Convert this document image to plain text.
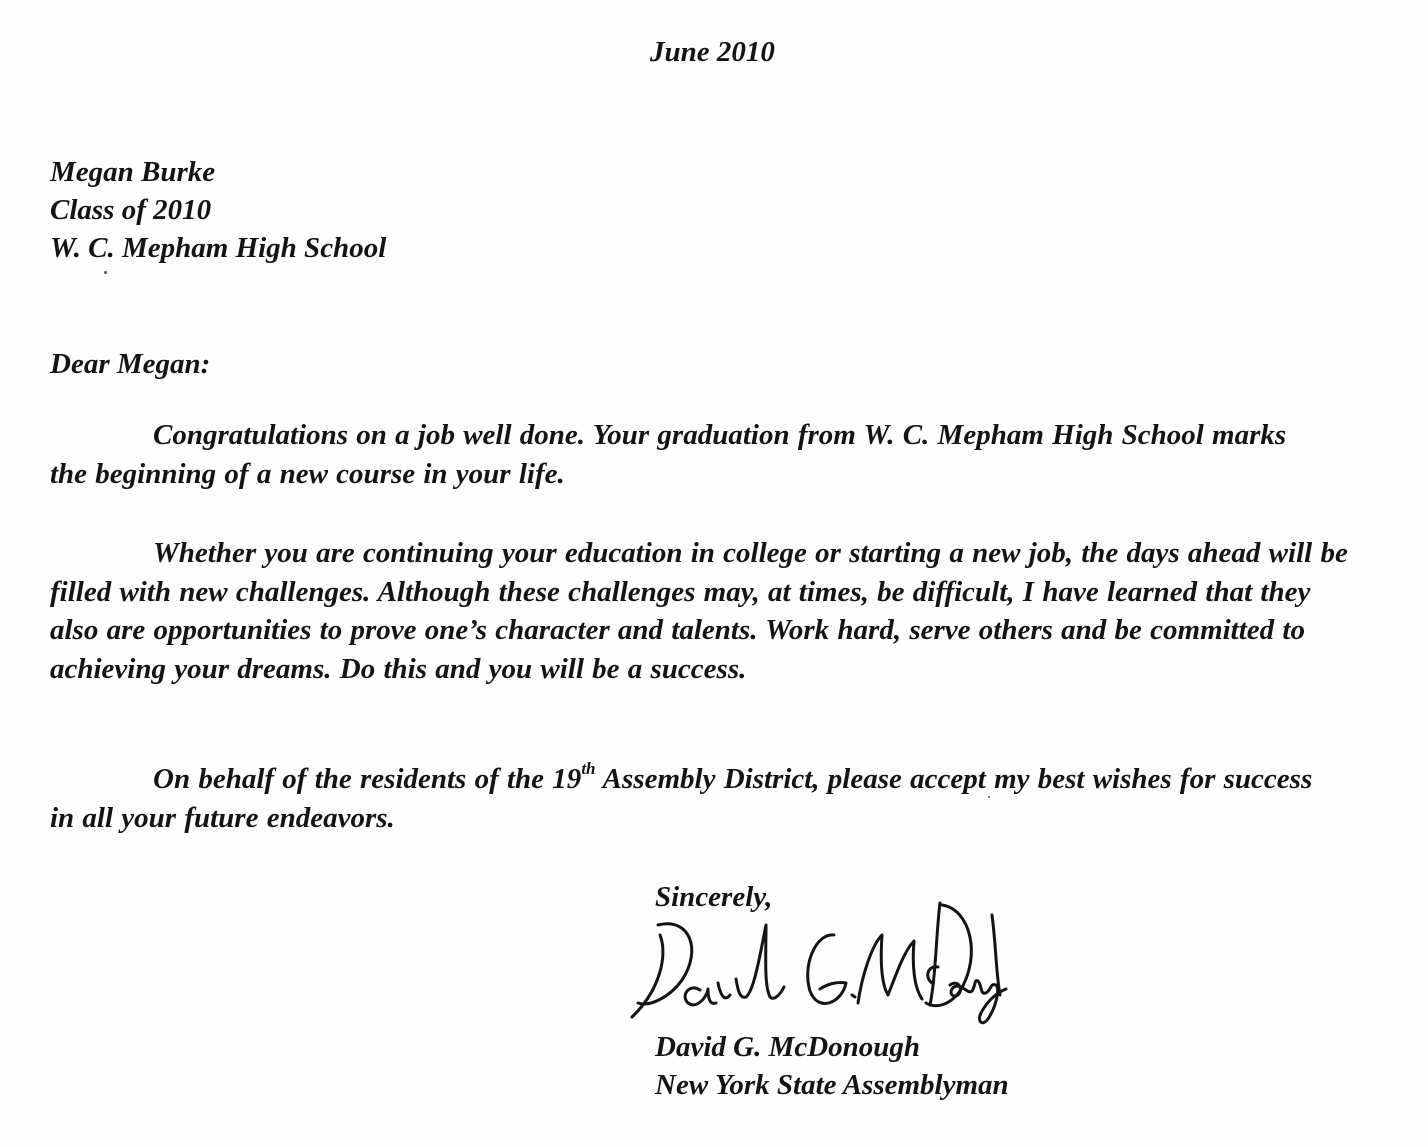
June 2010
Megan Burke
Class of 2010
W. C. Mepham High School
Dear Megan:
Congratulations on a job well done. Your graduation from W. C. Mepham High School marks the beginning of a new course in your life.
Whether you are continuing your education in college or starting a new job, the days ahead will be filled with new challenges. Although these challenges may, at times, be difficult, I have learned that they also are opportunities to prove one’s character and talents. Work hard, serve others and be committed to achieving your dreams. Do this and you will be a success.
On behalf of the residents of the 19th Assembly District, please accept my best wishes for success in all your future endeavors.
Sincerely,
David G. McDonough
New York State Assemblyman
